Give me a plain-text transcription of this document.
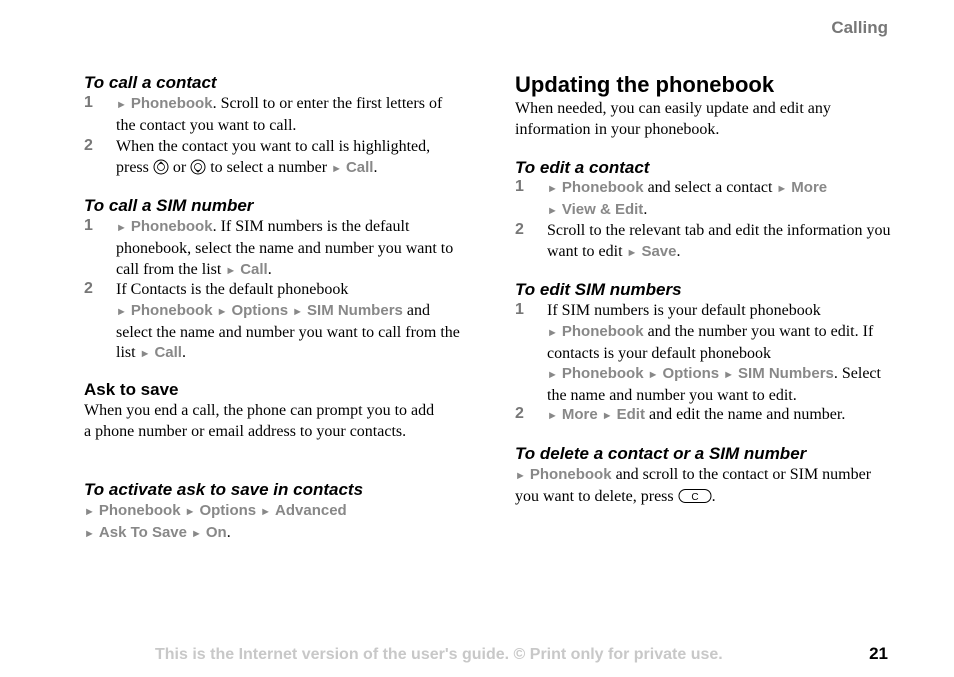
Calling
To call a contact
1 ► Phonebook. Scroll to or enter the first letters of the contact you want to call.
2 When the contact you want to call is highlighted, press or to select a number ► Call.
To call a SIM number
1 ► Phonebook. If SIM numbers is the default phonebook, select the name and number you want to call from the list ► Call.
2 If Contacts is the default phonebook
► Phonebook ► Options ► SIM Numbers and select the name and number you want to call from the list ► Call.
Ask to save
When you end a call, the phone can prompt you to add a phone number or email address to your contacts.
To activate ask to save in contacts
► Phonebook ► Options ► Advanced
► Ask To Save ► On.
Updating the phonebook
When needed, you can easily update and edit any information in your phonebook.
To edit a contact
1 ► Phonebook and select a contact ► More
► View & Edit.
2 Scroll to the relevant tab and edit the information you want to edit ► Save.
To edit SIM numbers
1 If SIM numbers is your default phonebook
► Phonebook and the number you want to edit. If contacts is your default phonebook
► Phonebook ► Options ► SIM Numbers. Select the name and number you want to edit.
2 ► More ► Edit and edit the name and number.
To delete a contact or a SIM number
► Phonebook and scroll to the contact or SIM number you want to delete, press C .
This is the Internet version of the user's guide. © Print only for private use.	21
